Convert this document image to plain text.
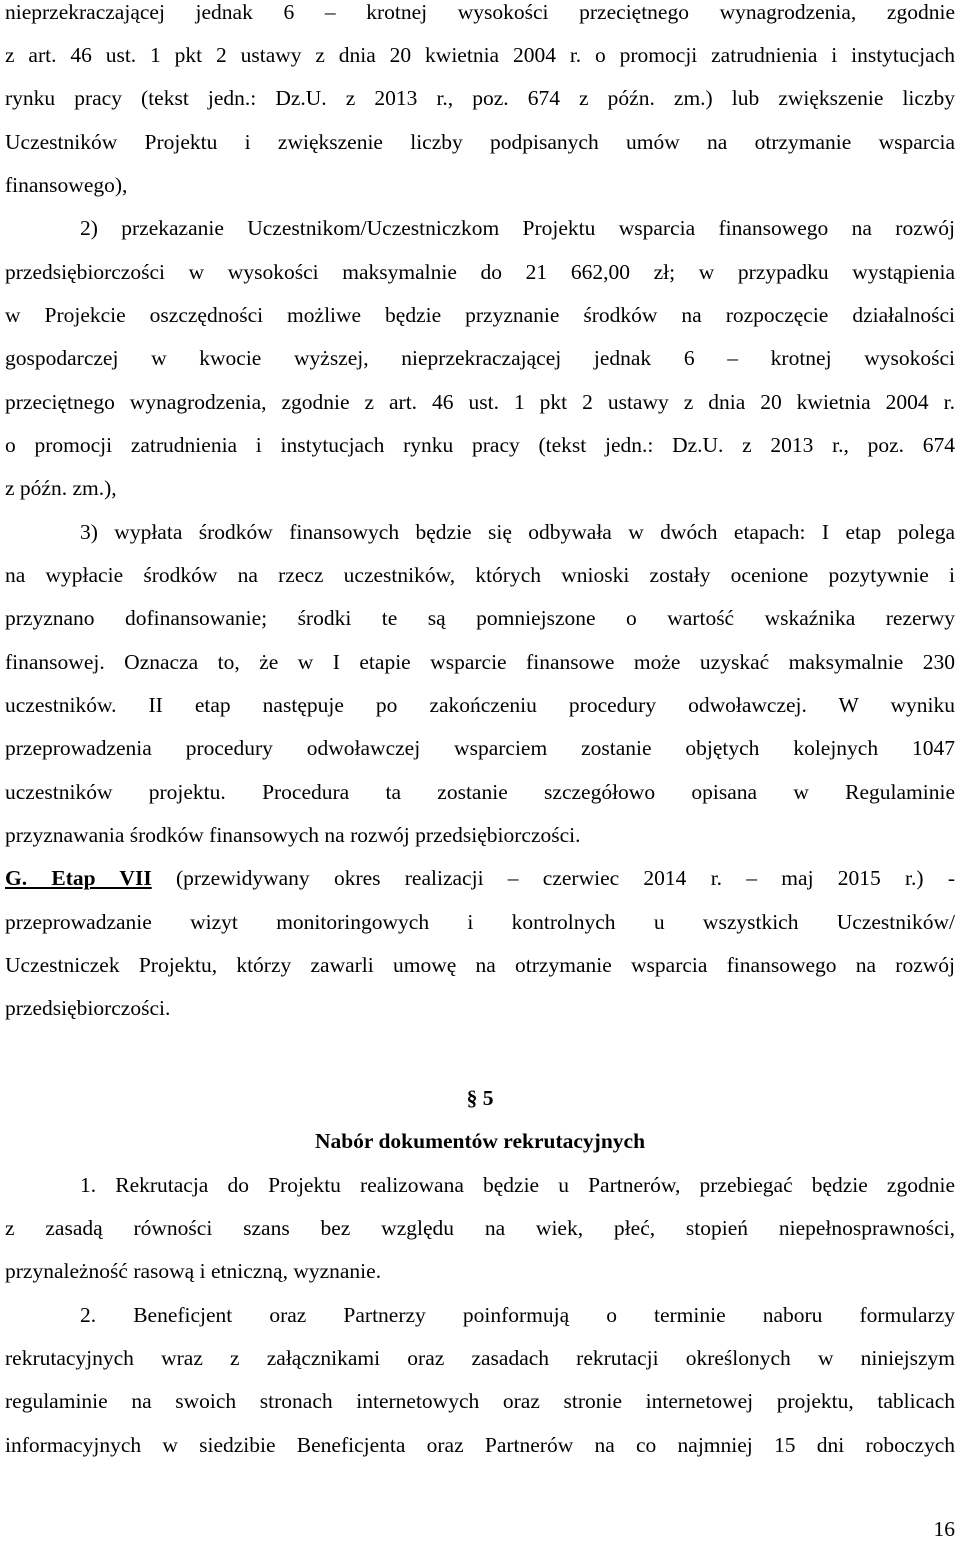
nieprzekraczającej jednak 6 – krotnej wysokości przeciętnego wynagrodzenia, zgodnie
z art. 46 ust. 1 pkt 2 ustawy z dnia 20 kwietnia 2004 r. o promocji zatrudnienia i instytucjach
rynku pracy (tekst jedn.: Dz.U. z 2013 r., poz. 674 z późn. zm.) lub zwiększenie liczby
Uczestników Projektu i zwiększenie liczby podpisanych umów na otrzymanie wsparcia
finansowego),
2) przekazanie Uczestnikom/Uczestniczkom Projektu wsparcia finansowego na rozwój
przedsiębiorczości w wysokości maksymalnie do 21 662,00 zł; w przypadku wystąpienia
w Projekcie oszczędności możliwe będzie przyznanie środków na rozpoczęcie działalności
gospodarczej w kwocie wyższej, nieprzekraczającej jednak 6 – krotnej wysokości
przeciętnego wynagrodzenia, zgodnie z art. 46 ust. 1 pkt 2 ustawy z dnia 20 kwietnia 2004 r.
o promocji zatrudnienia i instytucjach rynku pracy (tekst jedn.: Dz.U. z 2013 r., poz. 674
z późn. zm.),
3) wypłata środków finansowych będzie się odbywała w dwóch etapach: I etap polega
na wypłacie środków na rzecz uczestników, których wnioski zostały ocenione pozytywnie i
przyznano dofinansowanie; środki te są pomniejszone o wartość wskaźnika rezerwy
finansowej. Oznacza to, że w I etapie wsparcie finansowe może uzyskać maksymalnie 230
uczestników. II etap następuje po zakończeniu procedury odwoławczej. W wyniku
przeprowadzenia procedury odwoławczej wsparciem zostanie objętych kolejnych 1047
uczestników projektu. Procedura ta zostanie szczegółowo opisana w Regulaminie
przyznawania środków finansowych na rozwój przedsiębiorczości.
G. Etap VII (przewidywany okres realizacji – czerwiec 2014 r. – maj 2015 r.) -
przeprowadzanie wizyt monitoringowych i kontrolnych u wszystkich Uczestników/
Uczestniczek Projektu, którzy zawarli umowę na otrzymanie wsparcia finansowego na rozwój
przedsiębiorczości.
§ 5
Nabór dokumentów rekrutacyjnych
1. Rekrutacja do Projektu realizowana będzie u Partnerów, przebiegać będzie zgodnie
z zasadą równości szans bez względu na wiek, płeć, stopień niepełnosprawności,
przynależność rasową i etniczną, wyznanie.
2. Beneficjent oraz Partnerzy poinformują o terminie naboru formularzy
rekrutacyjnych wraz z załącznikami oraz zasadach rekrutacji określonych w niniejszym
regulaminie na swoich stronach internetowych oraz stronie internetowej projektu, tablicach
informacyjnych w siedzibie Beneficjenta oraz Partnerów na co najmniej 15 dni roboczych
16
